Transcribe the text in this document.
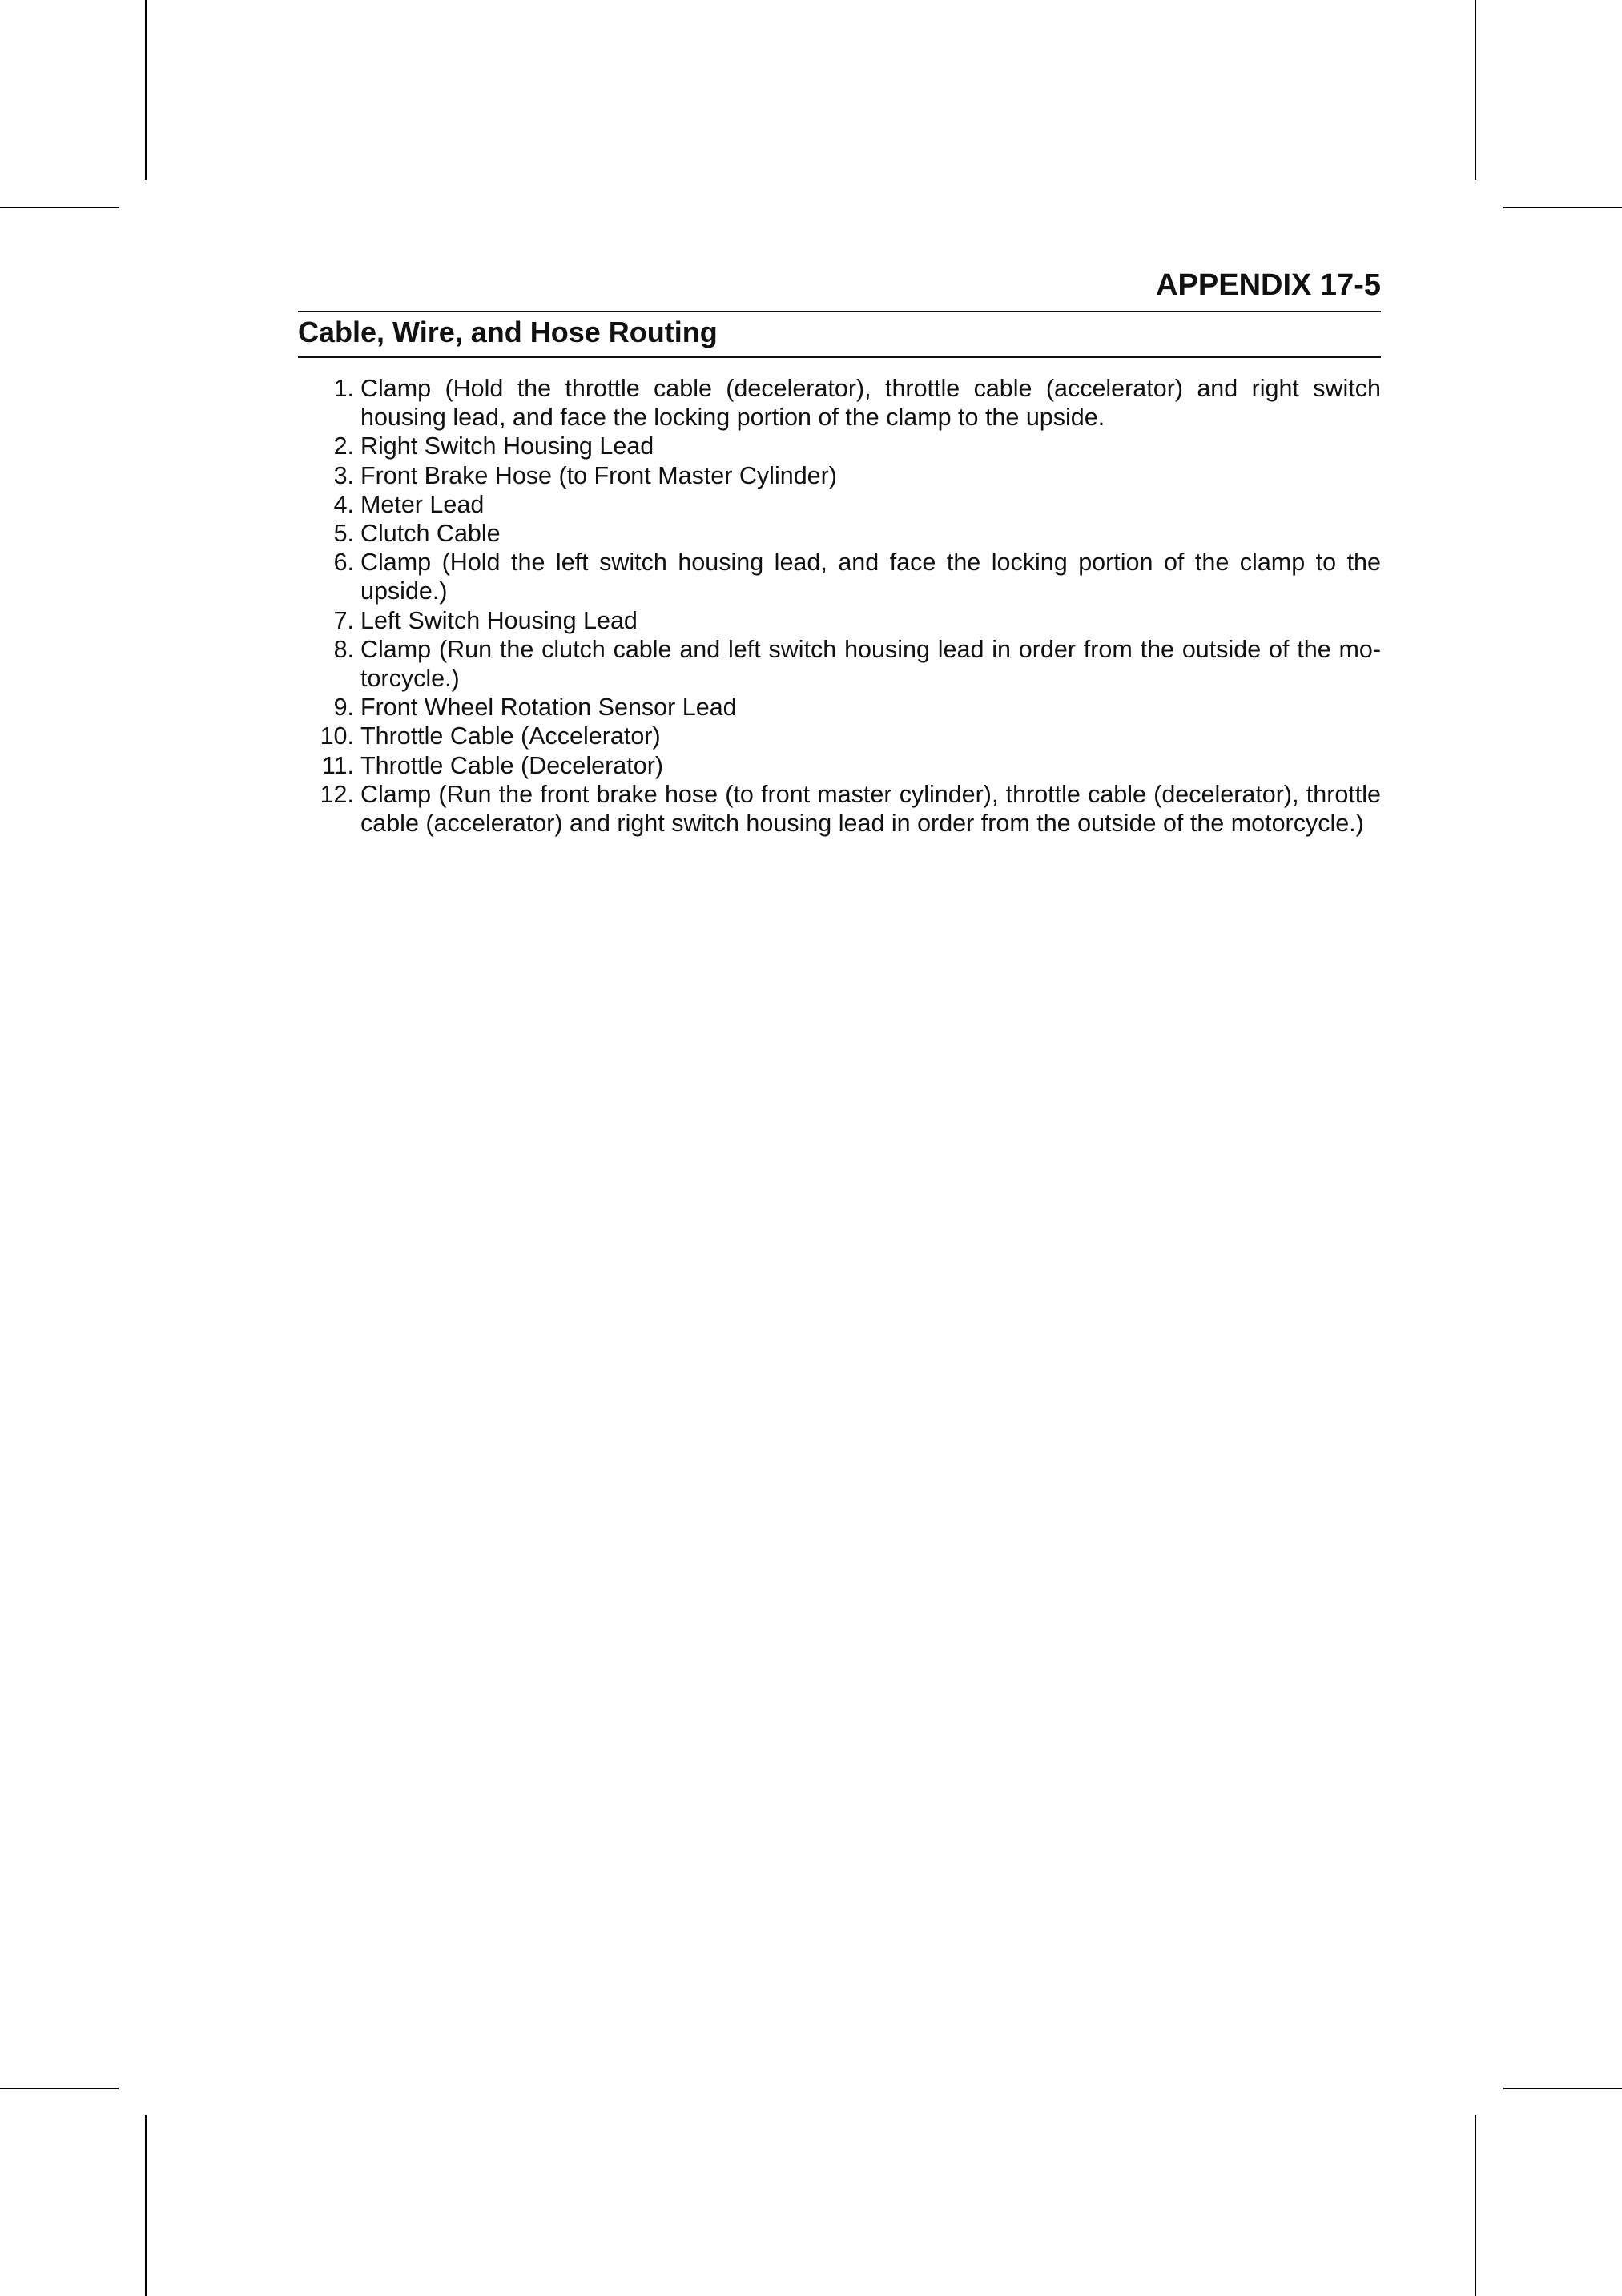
APPENDIX 17-5
Cable, Wire, and Hose Routing
1. Clamp (Hold the throttle cable (decelerator), throttle cable (accelerator) and right switch housing lead, and face the locking portion of the clamp to the upside.
2. Right Switch Housing Lead
3. Front Brake Hose (to Front Master Cylinder)
4. Meter Lead
5. Clutch Cable
6. Clamp (Hold the left switch housing lead, and face the locking portion of the clamp to the upside.)
7. Left Switch Housing Lead
8. Clamp (Run the clutch cable and left switch housing lead in order from the outside of the mo-torcycle.)
9. Front Wheel Rotation Sensor Lead
10. Throttle Cable (Accelerator)
11. Throttle Cable (Decelerator)
12. Clamp (Run the front brake hose (to front master cylinder), throttle cable (decelerator), throttle cable (accelerator) and right switch housing lead in order from the outside of the motorcycle.)
